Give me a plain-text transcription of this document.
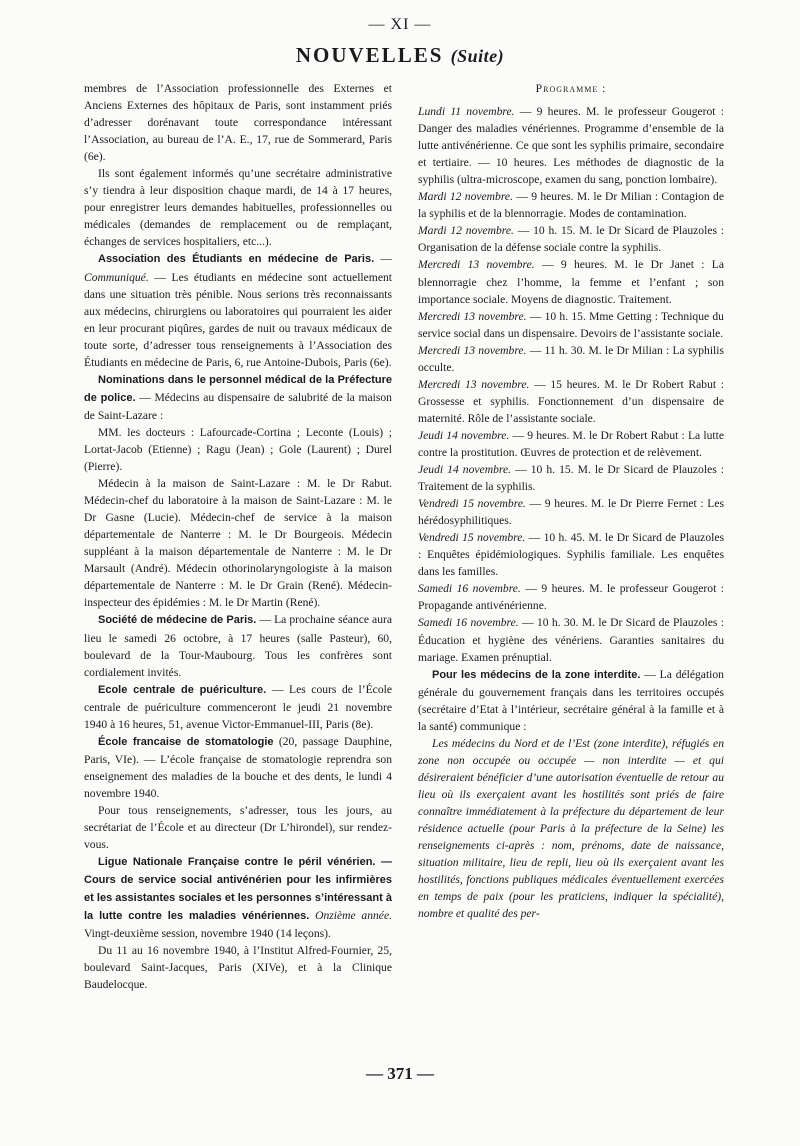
— XI —
NOUVELLES (Suite)

membres de l’Association professionnelle des Externes et Anciens Externes des hôpitaux de Paris, sont instamment priés d’adresser dorénavant toute correspondance intéressant l’Association, au bureau de l’A. E., 17, rue de Sommerard, Paris (6e).

Ils sont également informés qu’une secrétaire administrative s’y tiendra à leur disposition chaque mardi, de 14 à 17 heures, pour enregistrer leurs demandes habituelles, professionnelles ou médicales (demandes de remplacement ou de remplaçant, échanges de services hospitaliers, etc...).

Association des Étudiants en médecine de Paris. — Communiqué. — Les étudiants en médecine sont actuellement dans une situation très pénible. Nous serions très reconnaissants aux médecins, chirurgiens ou laboratoires qui pourraient les aider en leur procurant piqûres, gardes de nuit ou travaux médicaux de toute sorte, d’adresser tous renseignements à l’Association des Étudiants en médecine de Paris, 6, rue Antoine-Dubois, Paris (6e).

Nominations dans le personnel médical de la Préfecture de police. — Médecins au dispensaire de salubrité de la maison de Saint-Lazare :

MM. les docteurs : Lafourcade-Cortina ; Leconte (Louis) ; Lortat-Jacob (Etienne) ; Ragu (Jean) ; Gole (Laurent) ; Durel (Pierre).

Médecin à la maison de Saint-Lazare : M. le Dr Rabut. Médecin-chef du laboratoire à la maison de Saint-Lazare : M. le Dr Gasne (Lucie). Médecin-chef de service à la maison départementale de Nanterre : M. le Dr Bourgeois. Médecin suppléant à la maison départementale de Nanterre : M. le Dr Marsault (André). Médecin othorinolaryngologiste à la maison départementale de Nanterre : M. le Dr Grain (René). Médecin-inspecteur des épidémies : M. le Dr Martin (René).

Société de médecine de Paris. — La prochaine séance aura lieu le samedi 26 octobre, à 17 heures (salle Pasteur), 60, boulevard de la Tour-Maubourg. Tous les confrères sont cordialement invités.

Ecole centrale de puériculture. — Les cours de l’École centrale de puériculture commenceront le jeudi 21 novembre 1940 à 16 heures, 51, avenue Victor-Emmanuel-III, Paris (8e).

École francaise de stomatologie (20, passage Dauphine, Paris, VIe). — L’école française de stomatologie reprendra son enseignement des maladies de la bouche et des dents, le lundi 4 novembre 1940.

Pour tous renseignements, s’adresser, tous les jours, au secrétariat de l’École et au directeur (Dr L’hirondel), sur rendez-vous.

Ligue Nationale Française contre le péril vénérien. — Cours de service social antivénérien pour les infirmières et les assistantes sociales et les personnes s’intéressant à la lutte contre les maladies vénériennes. Onzième année. Vingt-deuxième session, novembre 1940 (14 leçons).

Du 11 au 16 novembre 1940, à l’Institut Alfred-Fournier, 25, boulevard Saint-Jacques, Paris (XIVe), et à la Clinique Baudelocque.

Programme :

Lundi 11 novembre. — 9 heures. M. le professeur Gougerot : Danger des maladies vénériennes. Programme d’ensemble de la lutte antivénérienne. Ce que sont les syphilis primaire, secondaire et tertiaire. — 10 heures. Les méthodes de diagnostic de la syphilis (ultra-microscope, examen du sang, ponction lombaire).

Mardi 12 novembre. — 9 heures. M. le Dr Milian : Contagion de la syphilis et de la blennorragie. Modes de contamination.

Mardi 12 novembre. — 10 h. 15. M. le Dr Sicard de Plauzoles : Organisation de la défense sociale contre la syphilis.

Mercredi 13 novembre. — 9 heures. M. le Dr Janet : La blennorragie chez l’homme, la femme et l’enfant ; son importance sociale. Moyens de diagnostic. Traitement.

Mercredi 13 novembre. — 10 h. 15. Mme Getting : Technique du service social dans un dispensaire. Devoirs de l’assistante sociale.

Mercredi 13 novembre. — 11 h. 30. M. le Dr Milian : La syphilis occulte.

Mercredi 13 novembre. — 15 heures. M. le Dr Robert Rabut : Grossesse et syphilis. Fonctionnement d’un dispensaire de maternité. Rôle de l’assistante sociale.

Jeudi 14 novembre. — 9 heures. M. le Dr Robert Rabut : La lutte contre la prostitution. Œuvres de protection et de relèvement.

Jeudi 14 novembre. — 10 h. 15. M. le Dr Sicard de Plauzoles : Traitement de la syphilis.

Vendredi 15 novembre. — 9 heures. M. le Dr Pierre Fernet : Les hérédosyphilitiques.

Vendredi 15 novembre. — 10 h. 45. M. le Dr Sicard de Plauzoles : Enquêtes épidémiologiques. Syphilis familiale. Les enquêtes dans les familles.

Samedi 16 novembre. — 9 heures. M. le professeur Gougerot : Propagande antivénérienne.

Samedi 16 novembre. — 10 h. 30. M. le Dr Sicard de Plauzoles : Éducation et hygiène des vénériens. Garanties sanitaires du mariage. Examen prénuptial.

Pour les médecins de la zone interdite. — La délégation générale du gouvernement français dans les territoires occupés (secrétaire d’Etat à l’intérieur, secrétaire général à la famille et à la santé) communique :

Les médecins du Nord et de l’Est (zone interdite), réfugiés en zone non occupée ou occupée — non interdite — et qui désireraient bénéficier d’une autorisation éventuelle de retour au lieu où ils exerçaient avant les hostilités sont priés de faire connaître immédiatement à la préfecture du département de leur résidence actuelle (pour Paris à la préfecture de la Seine) les renseignements ci-après : nom, prénoms, date de naissance, situation militaire, lieu de repli, lieu où ils exerçaient avant les hostilités, fonctions publiques médicales éventuellement exercées en temps de paix (pour les praticiens, indiquer la spécialité), nombre et qualité des per-

— 371 —
